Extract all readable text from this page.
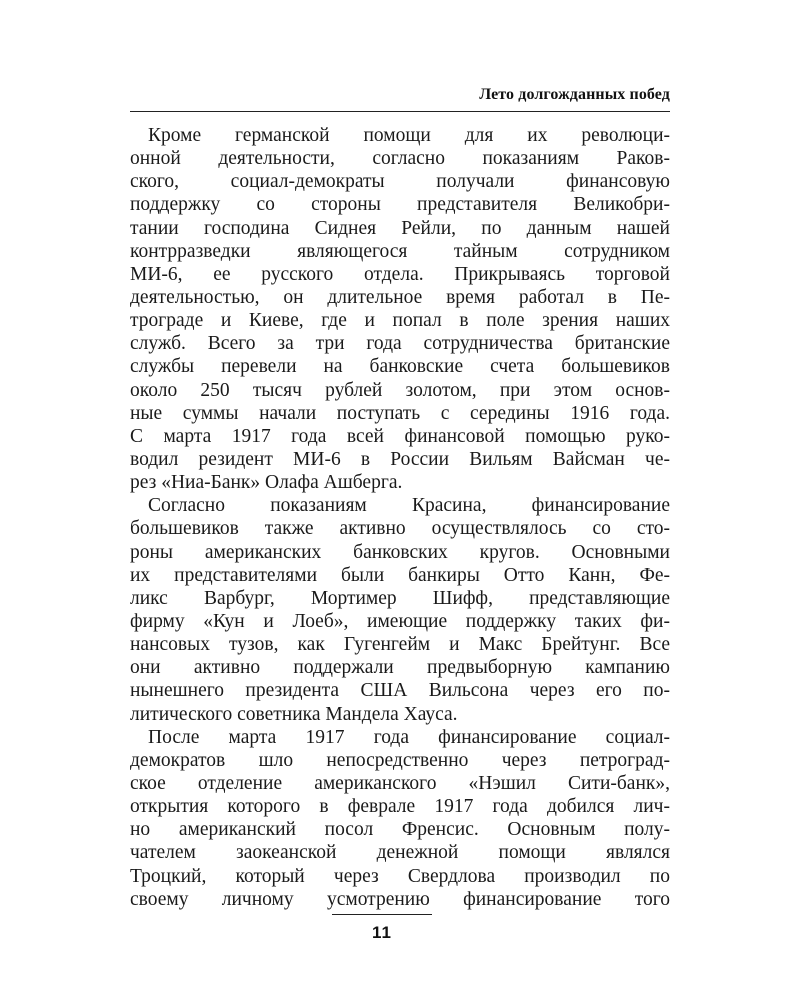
Лето долгожданных побед
Кроме германской помощи для их революци-
онной деятельности, согласно показаниям Раков-
ского, социал-демократы получали финансовую
поддержку со стороны представителя Великобри-
тании господина Сиднея Рейли, по данным нашей
контрразведки являющегося тайным сотрудником
МИ-6, ее русского отдела. Прикрываясь торговой
деятельностью, он длительное время работал в Пе-
трограде и Киеве, где и попал в поле зрения наших
служб. Всего за три года сотрудничества британские
службы перевели на банковские счета большевиков
около 250 тысяч рублей золотом, при этом основ-
ные суммы начали поступать с середины 1916 года.
С марта 1917 года всей финансовой помощью руко-
водил резидент МИ-6 в России Вильям Вайсман че-
рез «Ниа-Банк» Олафа Ашберга.
Согласно показаниям Красина, финансирование
большевиков также активно осуществлялось со сто-
роны американских банковских кругов. Основными
их представителями были банкиры Отто Канн, Фе-
ликс Варбург, Мортимер Шифф, представляющие
фирму «Кун и Лоеб», имеющие поддержку таких фи-
нансовых тузов, как Гугенгейм и Макс Брейтунг. Все
они активно поддержали предвыборную кампанию
нынешнего президента США Вильсона через его по-
литического советника Мандела Хауса.
После марта 1917 года финансирование социал-
демократов шло непосредственно через петроград-
ское отделение американского «Нэшил Сити-банк»,
открытия которого в феврале 1917 года добился лич-
но американский посол Френсис. Основным полу-
чателем заокеанской денежной помощи являлся
Троцкий, который через Свердлова производил по
своему личному усмотрению финансирование того
11
